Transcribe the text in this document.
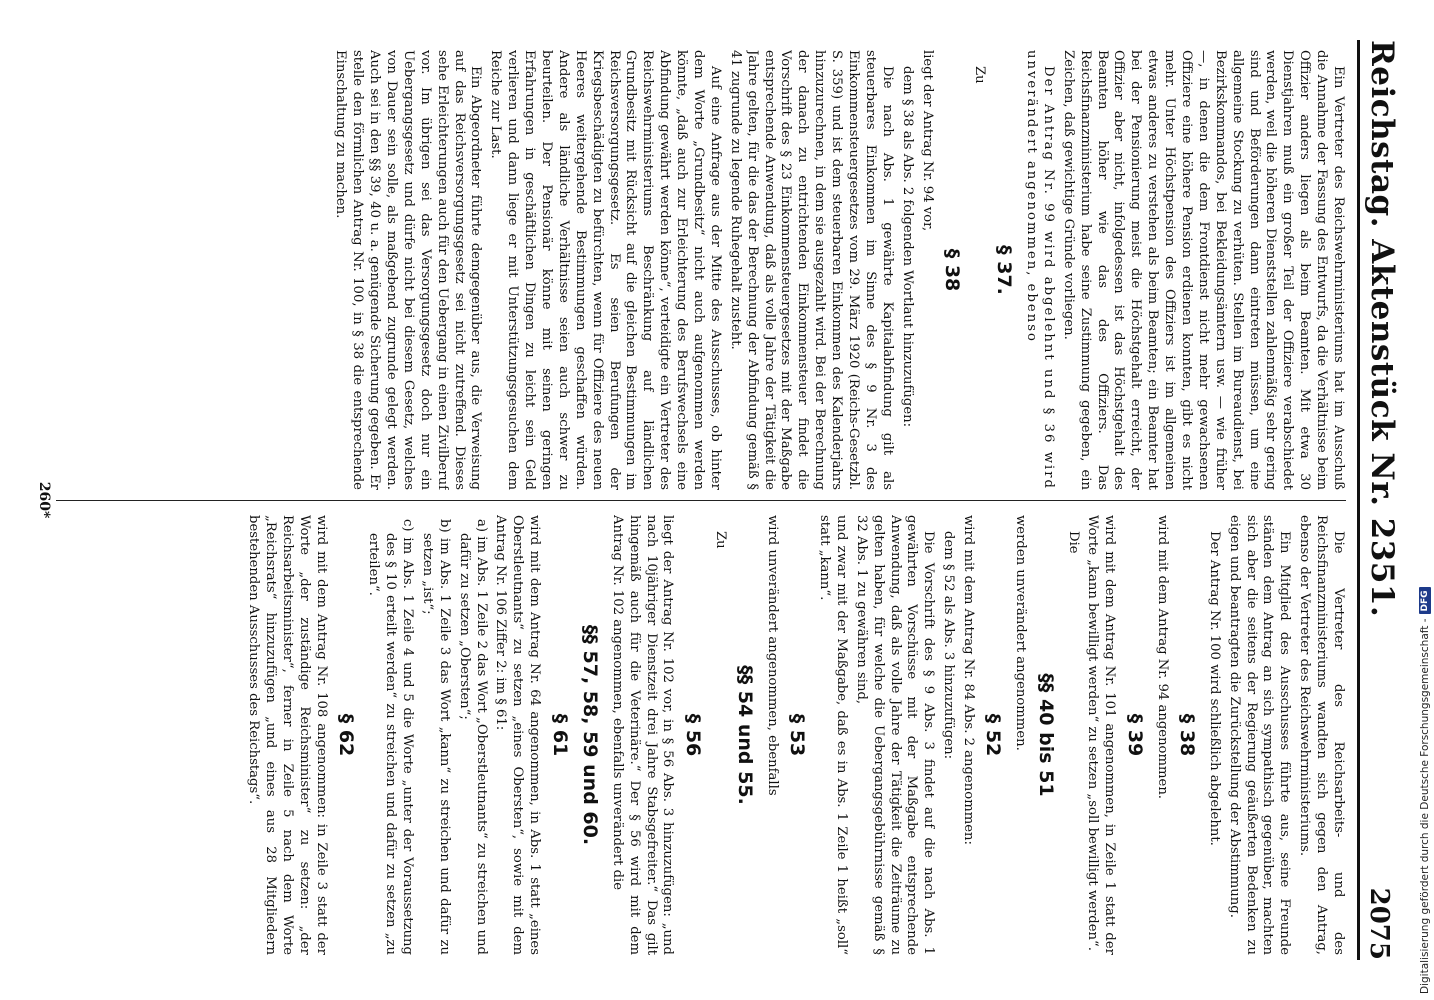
Reichstag. Aktenstück Nr. 2351.
2075

Ein Vertreter des Reichswehrministeriums hat im Ausschuß die Annahme der Fassung des Entwurfs, da die Verhältnisse beim Offizier anders liegen als beim Beamten. Mit etwa 30 Dienstjahren muß ein großer Teil der Offiziere verabschiedet werden, weil die höheren Dienststellen zahlenmäßig sehr gering sind und Beförderungen dann eintreten müssen, um eine allgemeine Stockung zu verhüten. Stellen im Bureaudienst, bei Bezirkskommandos, bei Bekleidungsämtern usw. — wie früher —, in denen die dem Frontdienst nicht mehr gewachsenen Offiziere eine höhere Pension erdienen konnten, gibt es nicht mehr. Unter Höchstpension des Offiziers ist im allgemeinen etwas anderes zu verstehen als beim Beamten; ein Beamter hat bei der Pensionierung meist die Höchstgehalt erreicht, der Offizier aber nicht, infolgedessen ist das Höchstgehalt des Beamten höher wie das des Offiziers. Das Reichsfinanzministerium habe seine Zustimmung gegeben, ein Zeichen, daß gewichtige Gründe vorliegen.

Der Antrag Nr. 99 wird abgelehnt und § 36 wird unverändert angenommen, ebenso

§ 37.

Zu

§ 38

liegt der Antrag Nr. 94 vor,

dem § 38 als Abs. 2 folgenden Wortlaut hinzuzufügen:

Die nach Abs. 1 gewährte Kapitalabfindung gilt als steuerbares Einkommen im Sinne des § 9 Nr. 3 des Einkommensteuergesetzes vom 29. März 1920 (Reichs-Gesetzbl. S. 359) und ist dem steuerbaren Einkommen des Kalenderjahrs hinzuzurechnen, in dem sie ausgezahlt wird. Bei der Berechnung der danach zu entrichtenden Einkommensteuer findet die Vorschrift des § 23 Einkommensteuergesetzes mit der Maßgabe entsprechende Anwendung, daß als volle Jahre der Tätigkeit die Jahre gelten, für die das der Berechnung der Abfindung gemäß § 41 zugrunde zu legende Ruhegehalt zusteht.

Auf eine Anfrage aus der Mitte des Ausschusses, ob hinter dem Worte „Grundbesitz“ nicht auch aufgenommen werden könnte, „daß auch zur Erleichterung des Berufswechsels eine Abfindung gewährt werden könne“, verteidigte ein Vertreter des Reichswehrministeriums Beschränkung auf ländlichen Grundbesitz mit Rücksicht auf die gleichen Bestimmungen im Reichsversorgungsgesetz. Es seien Berufungen der Kriegsbeschädigten zu befürchten, wenn für Offiziere des neuen Heeres weitergehende Bestimmungen geschaffen würden. Andere als ländliche Verhältnisse seien auch schwer zu beurteilen. Der Pensionär könne mit seinen geringen Erfahrungen in geschäftlichen Dingen zu leicht sein Geld verlieren und dann liege er mit Unterstützungsgesuchen dem Reiche zur Last.

Ein Abgeordneter führte demgegenüber aus, die Verweisung auf das Reichsversorgungsgesetz sei nicht zutreffend. Dieses sehe Erleichterungen auch für den Uebergang in einen Zivilberuf vor. Im übrigen sei das Versorgungsgesetz doch nur ein Uebergangsgesetz und dürfe nicht bei diesem Gesetz, welches von Dauer sein solle, als maßgebend zugrunde gelegt werden. Auch sei in den §§ 39, 40 u. a. genügende Sicherung gegeben. Er stelle den förmlichen Antrag Nr. 100, in § 38 die entsprechende Einschaltung zu machen.

Die Vertreter des Reichsarbeits- und des Reichsfinanzministeriums wandten sich gegen den Antrag, ebenso der Vertreter des Reichswehrministeriums.

Ein Mitglied des Ausschusses führte aus, seine Freunde ständen dem Antrag an sich sympathisch gegenüber, machten sich aber die seitens der Regierung geäußerten Bedenken zu eigen und beantragten die Zurückstellung der Abstimmung.

Der Antrag Nr. 100 wird schließlich abgelehnt.

§ 38

wird mit dem Antrag Nr. 94 angenommen.

§ 39

wird mit dem Antrag Nr. 101 angenommen, in Zeile 1 statt der Worte „kann bewilligt werden“ zu setzen „soll bewilligt werden“.

Die

§§ 40 bis 51

werden unverändert angenommen.

§ 52

wird mit dem Antrag Nr. 84 Abs. 2 angenommen:

dem § 52 als Abs. 3 hinzuzufügen:

Die Vorschrift des § 9 Abs. 3 findet auf die nach Abs. 1 gewährten Vorschüsse mit der Maßgabe entsprechende Anwendung, daß als volle Jahre der Tätigkeit die Zeiträume zu gelten haben, für welche die Uebergangsgebührnisse gemäß § 32 Abs. 1 zu gewähren sind,

und zwar mit der Maßgabe, daß es in Abs. 1 Zeile 1 heißt „soll“ statt „kann“.

§ 53

wird unverändert angenommen, ebenfalls

§§ 54 und 55.

Zu

§ 56

liegt der Antrag Nr. 102 vor, in § 56 Abs. 3 hinzuzufügen: „und nach 10jähriger Dienstzeit drei Jahre Stabsgefreiter.“ Das gilt hingemäß auch für die Veterinäre.“ Der § 56 wird mit dem Antrag Nr. 102 angenommen, ebenfalls unverändert die

§§ 57, 58, 59 und 60.
§ 61

wird mit dem Antrag Nr. 64 angenommen, in Abs. 1 statt „eines Oberstleutnants“ zu setzen „eines Obersten“, sowie mit dem Antrag Nr. 106 Ziffer 2: im § 61:

a) im Abs. 1 Zeile 2 das Wort „Oberstleutnants“ zu streichen und dafür zu setzen „Obersten“;

b) im Abs. 1 Zeile 3 das Wort „kann“ zu streichen und dafür zu setzen „ist“;

c) im Abs. 1 Zeile 4 und 5 die Worte „unter der Voraussetzung des § 10 erteilt werden“ zu streichen und dafür zu setzen „zu erteilen“.

§ 62

wird mit dem Antrag Nr. 108 angenommen: in Zeile 3 statt der Worte „der zuständige Reichsminister“ zu setzen: „der Reichsarbeitsminister“, ferner in Zeile 5 nach dem Worte „Reichsrats“ hinzuzufügen „und eines aus 28 Mitgliedern bestehenden Ausschusses des Reichstags“.

260*
Digitalisierung gefördert durch die Deutsche Forschungsgemeinschaft -
DFG
